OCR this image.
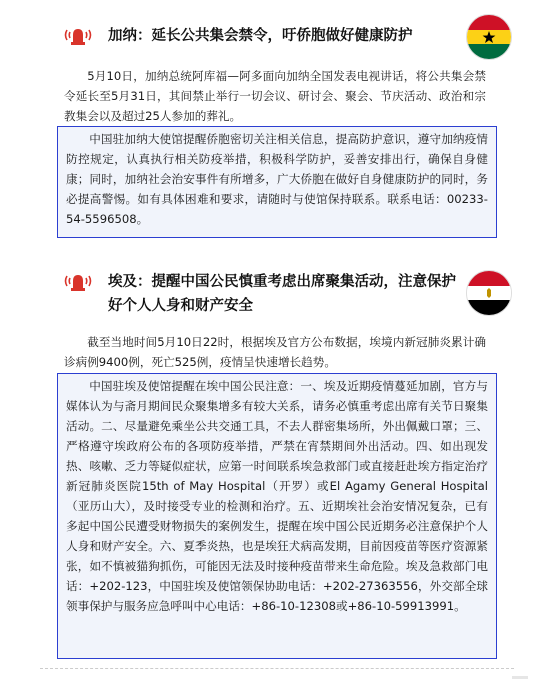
加纳：延长公共集会禁令，吁侨胞做好健康防护

5月10日，加纳总统阿库福—阿多面向加纳全国发表电视讲话，将公共集会禁令延长至5月31日，其间禁止举行一切会议、研讨会、聚会、节庆活动、政治和宗教集会以及超过25人参加的葬礼。

中国驻加纳大使馆提醒侨胞密切关注相关信息，提高防护意识，遵守加纳疫情防控规定，认真执行相关防疫举措，积极科学防护，妥善安排出行，确保自身健康；同时，加纳社会治安事件有所增多，广大侨胞在做好自身健康防护的同时，务必提高警惕。如有具体困难和要求，请随时与使馆保持联系。联系电话：00233-54-5596508。
埃及：提醒中国公民慎重考虑出席聚集活动，注意保护
好个人人身和财产安全

截至当地时间5月10日22时，根据埃及官方公布数据，埃境内新冠肺炎累计确诊病例9400例，死亡525例，疫情呈快速增长趋势。

中国驻埃及使馆提醒在埃中国公民注意：一、埃及近期疫情蔓延加剧，官方与媒体认为与斋月期间民众聚集增多有较大关系，请务必慎重考虑出席有关节日聚集活动。二、尽量避免乘坐公共交通工具，不去人群密集场所，外出佩戴口罩；三、严格遵守埃政府公布的各项防疫举措，严禁在宵禁期间外出活动。四、如出现发热、咳嗽、乏力等疑似症状，应第一时间联系埃急救部门或直接赶赴埃方指定治疗新冠肺炎医院15th of May Hospital（开罗）或El Agamy General Hospital（亚历山大），及时接受专业的检测和治疗。五、近期埃社会治安情况复杂，已有多起中国公民遭受财物损失的案例发生，提醒在埃中国公民近期务必注意保护个人人身和财产安全。六、夏季炎热，也是埃狂犬病高发期，目前因疫苗等医疗资源紧张，如不慎被猫狗抓伤，可能因无法及时接种疫苗带来生命危险。埃及急救部门电话：+202-123，中国驻埃及使馆领保协助电话：+202-27363556，外交部全球领事保护与服务应急呼叫中心电话：+86-10-12308或+86-10-59913991。
